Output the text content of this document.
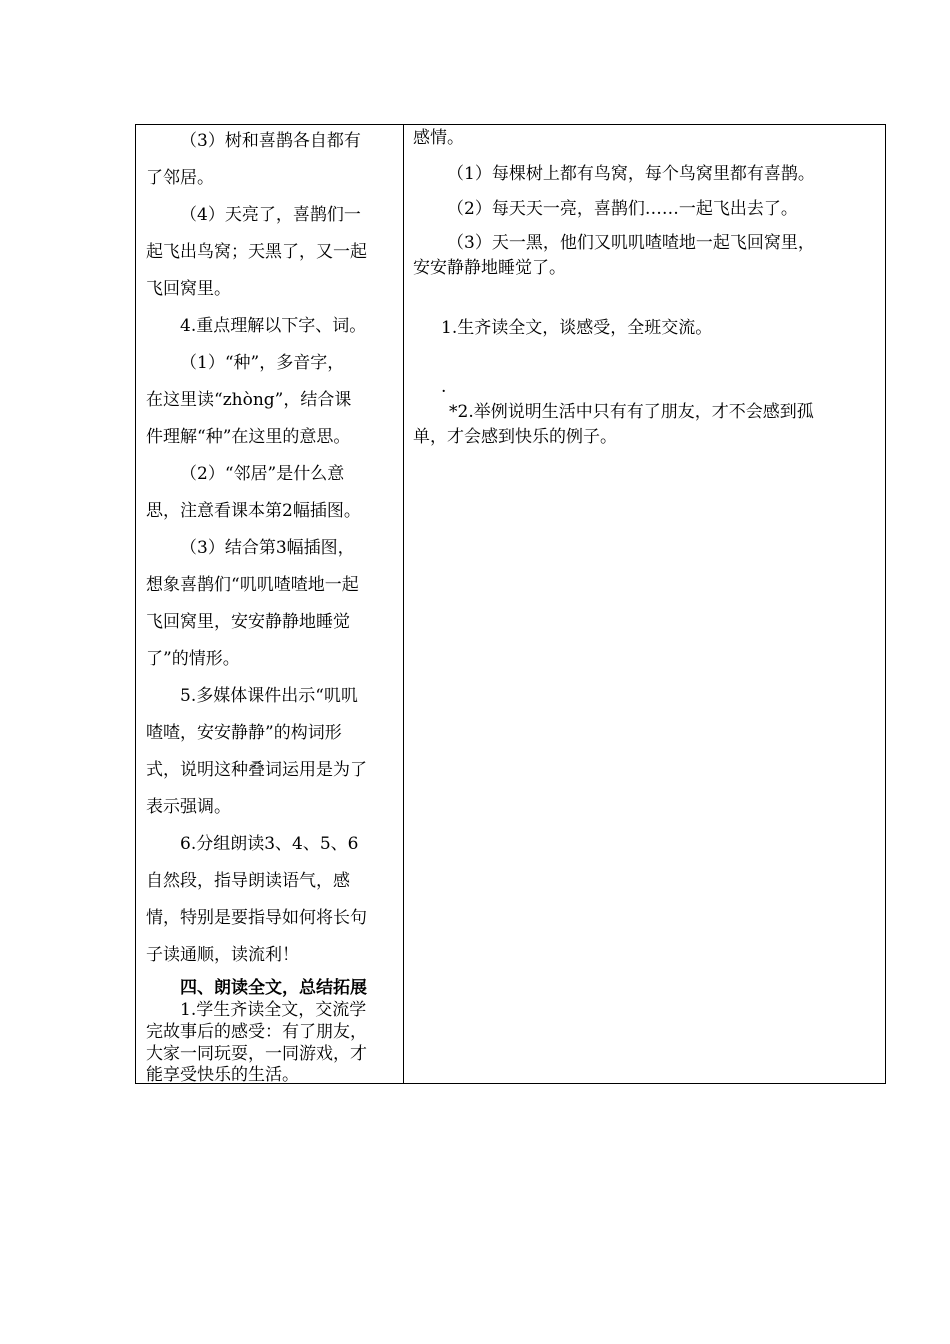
（3）树和喜鹊各自都有
了邻居。
（4）天亮了，喜鹊们一
起飞出鸟窝；天黑了，又一起
飞回窝里。
4.重点理解以下字、词。
（1）“种”，多音字，
在这里读“zhòng”，结合课
件理解“种”在这里的意思。
（2）“邻居”是什么意
思，注意看课本第2幅插图。
（3）结合第3幅插图，
想象喜鹊们“叽叽喳喳地一起
飞回窝里，安安静静地睡觉
了”的情形。
5.多媒体课件出示“叽叽
喳喳，安安静静”的构词形
式，说明这种叠词运用是为了
表示强调。
6.分组朗读3、4、5、6
自然段，指导朗读语气，感
情，特别是要指导如何将长句
子读通顺，读流利！
四、朗读全文，总结拓展
1.学生齐读全文，交流学
完故事后的感受：有了朋友，
大家一同玩耍，一同游戏，才
能享受快乐的生活。
感情。
（1）每棵树上都有鸟窝，每个鸟窝里都有喜鹊。
（2）每天天一亮，喜鹊们……一起飞出去了。
（3）天一黑，他们又叽叽喳喳地一起飞回窝里，
安安静静地睡觉了。
1.生齐读全文，谈感受，全班交流。
.
*2.举例说明生活中只有有了朋友，才不会感到孤
单，才会感到快乐的例子。
